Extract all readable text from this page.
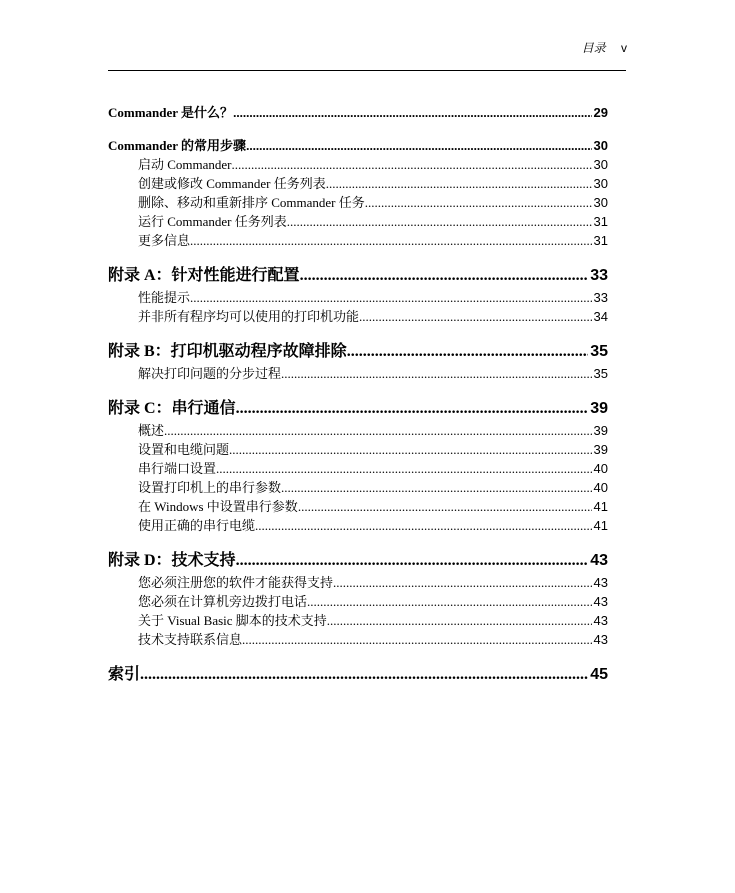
目录 v
Commander 是什么？ .....	29
Commander 的常用步骤 .....	30
启动 Commander .....	30
创建或修改 Commander 任务列表 .....	30
删除、移动和重新排序 Commander 任务 .....	30
运行 Commander 任务列表 .....	31
更多信息 .....	31
附录 A：针对性能进行配置 .....	33
性能提示 .....	33
并非所有程序均可以使用的打印机功能 .....	34
附录 B：打印机驱动程序故障排除 .....	35
解决打印问题的分步过程 .....	35
附录 C：串行通信 .....	39
概述 .....	39
设置和电缆问题 .....	39
串行端口设置 .....	40
设置打印机上的串行参数 .....	40
在 Windows 中设置串行参数 .....	41
使用正确的串行电缆 .....	41
附录 D：技术支持 .....	43
您必须注册您的软件才能获得支持 .....	43
您必须在计算机旁边拨打电话 .....	43
关于 Visual Basic 脚本的技术支持 .....	43
技术支持联系信息 .....	43
索引 .....	45
